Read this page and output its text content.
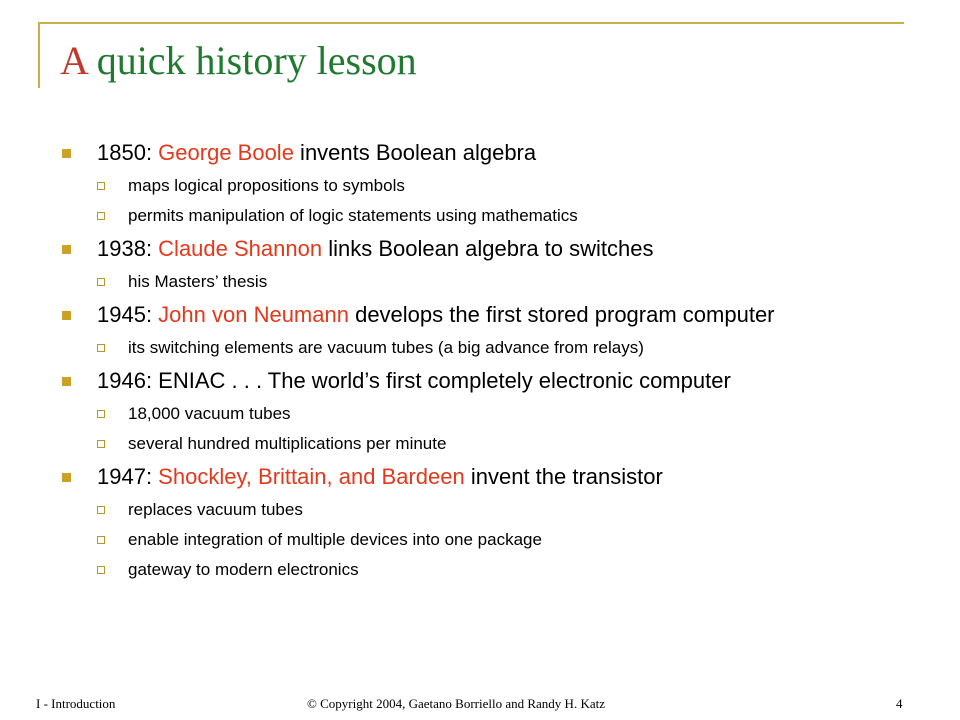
A quick history lesson
1850: George Boole invents Boolean algebra
maps logical propositions to symbols
permits manipulation of logic statements using mathematics
1938: Claude Shannon links Boolean algebra to switches
his Masters’ thesis
1945: John von Neumann develops the first stored program computer
its switching elements are vacuum tubes (a big advance from relays)
1946: ENIAC . . . The world’s first completely electronic computer
18,000 vacuum tubes
several hundred multiplications per minute
1947: Shockley, Brittain, and Bardeen invent the transistor
replaces vacuum tubes
enable integration of multiple devices into one package
gateway to modern electronics
I - Introduction	© Copyright 2004, Gaetano Borriello and Randy H. Katz	4
